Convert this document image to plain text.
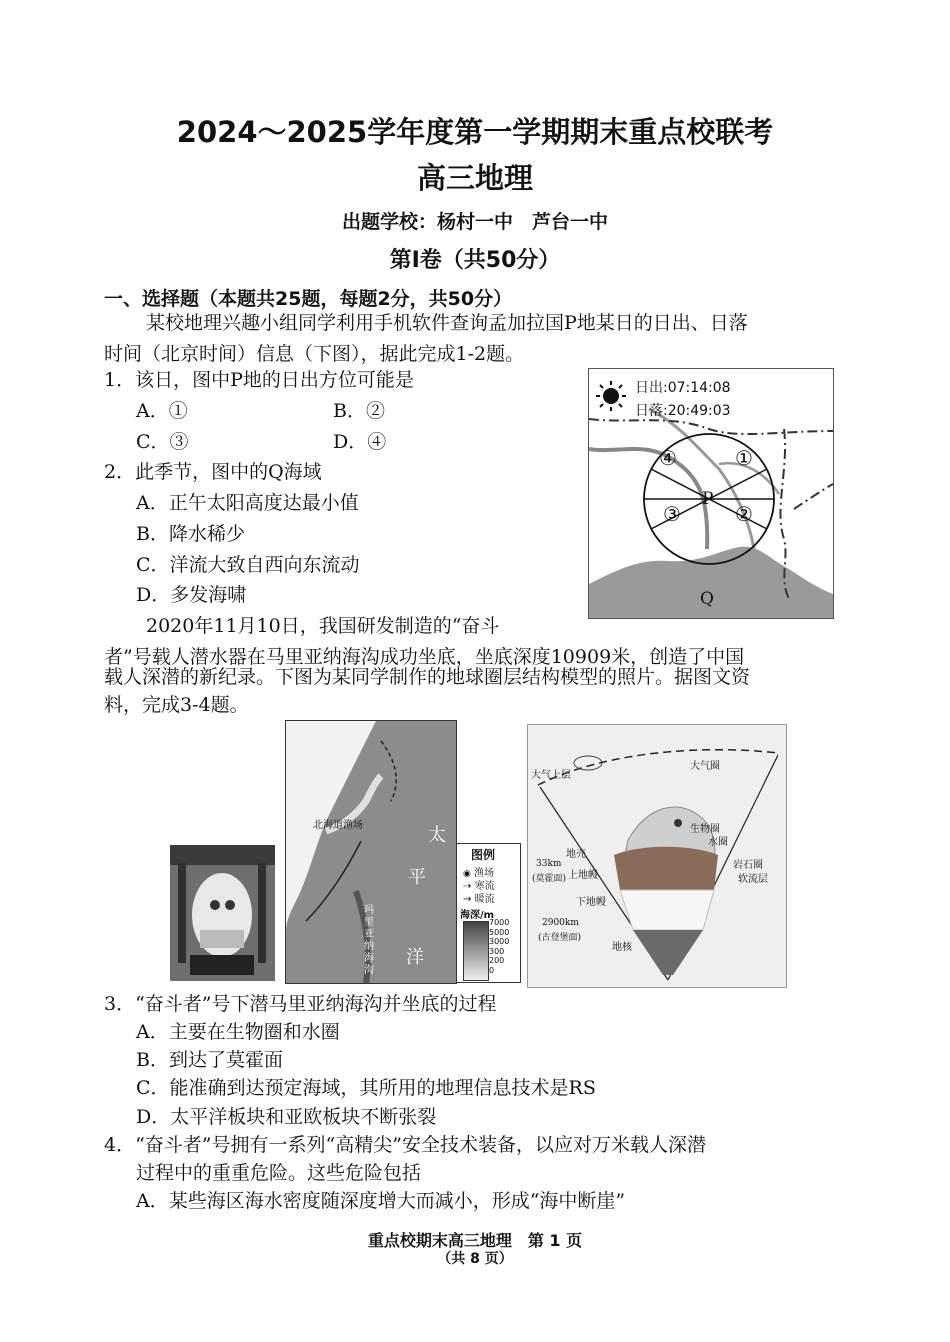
2024～2025学年度第一学期期末重点校联考
高三地理
出题学校：杨村一中　芦台一中
第Ⅰ卷（共50分）
一、选择题（本题共25题，每题2分，共50分）
某校地理兴趣小组同学利用手机软件查询孟加拉国P地某日的日出、日落
时间（北京时间）信息（下图），据此完成1-2题。
1．该日，图中P地的日出方位可能是
A．①	B．②
C．③	D．④
2．此季节，图中的Q海域
A．正午太阳高度达最小值
B．降水稀少
C．洋流大致自西向东流动
D．多发海啸
日出:07:14:08
日落:20:49:03
④	①
③	②
P
Q
2020年11月10日，我国研发制造的“奋斗
者”号载人潜水器在马里亚纳海沟成功坐底，坐底深度10909米，创造了中国
载人深潜的新纪录。下图为某同学制作的地球圈层结构模型的照片。据图文资
料，完成3-4题。
北海道渔场	太
平
洋
玛
里
亚
纳
海
沟
图例
◉ 渔场
⇢ 寒流
→ 暖流
海深/m
7000
5000
3000
300
200
0
大气上层
大气圈
生物圈
水圈
地壳
33km
(莫霍面) 上地幔
岩石圈
软流层
下地幔
2900km
(古登堡面)
地核
3．“奋斗者”号下潜马里亚纳海沟并坐底的过程
A．主要在生物圈和水圈
B．到达了莫霍面
C．能准确到达预定海域，其所用的地理信息技术是RS
D．太平洋板块和亚欧板块不断张裂
4．“奋斗者”号拥有一系列“高精尖”安全技术装备，以应对万米载人深潜
过程中的重重危险。这些危险包括
A．某些海区海水密度随深度增大而减小，形成“海中断崖”
重点校期末高三地理　第 1 页
（共 8 页）
